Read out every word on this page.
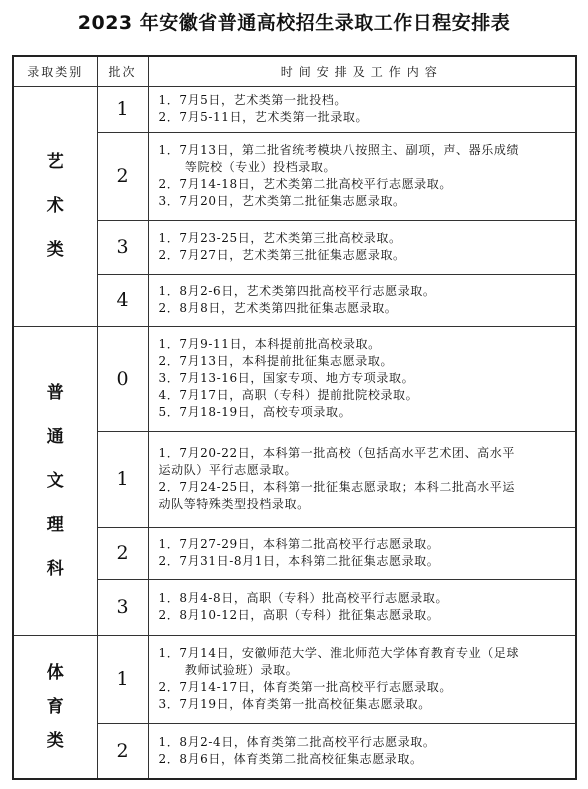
2023 年安徽省普通高校招生录取工作日程安排表
录取类别	批次	时间安排及工作内容
艺术类	1	1．7月5日，艺术类第一批投档。
2．7月5-11日，艺术类第一批录取。

	2	1．7月13日，第二批省统考模块八按照主、副项，声、器乐成绩
等院校（专业）投档录取。
2．7月14-18日，艺术类第二批高校平行志愿录取。
3．7月20日，艺术类第二批征集志愿录取。

	3	1．7月23-25日，艺术类第三批高校录取。
2．7月27日，艺术类第三批征集志愿录取。

	4	1．8月2-6日，艺术类第四批高校平行志愿录取。
2．8月8日，艺术类第四批征集志愿录取。

普通文理科	0	1．7月9-11日，本科提前批高校录取。
2．7月13日，本科提前批征集志愿录取。
3．7月13-16日，国家专项、地方专项录取。
4．7月17日，高职（专科）提前批院校录取。
5．7月18-19日，高校专项录取。

	1	1．7月20-22日，本科第一批高校（包括高水平艺术团、高水平
运动队）平行志愿录取。
2．7月24-25日，本科第一批征集志愿录取；本科二批高水平运
动队等特殊类型投档录取。

	2	1．7月27-29日，本科第二批高校平行志愿录取。
2．7月31日-8月1日，本科第二批征集志愿录取。

	3	1．8月4-8日，高职（专科）批高校平行志愿录取。
2．8月10-12日，高职（专科）批征集志愿录取。

体育类	1	1．7月14日，安徽师范大学、淮北师范大学体育教育专业（足球
教师试验班）录取。
2．7月14-17日，体育类第一批高校平行志愿录取。
3．7月19日，体育类第一批高校征集志愿录取。

	2	1．8月2-4日，体育类第二批高校平行志愿录取。
2．8月6日，体育类第二批高校征集志愿录取。
